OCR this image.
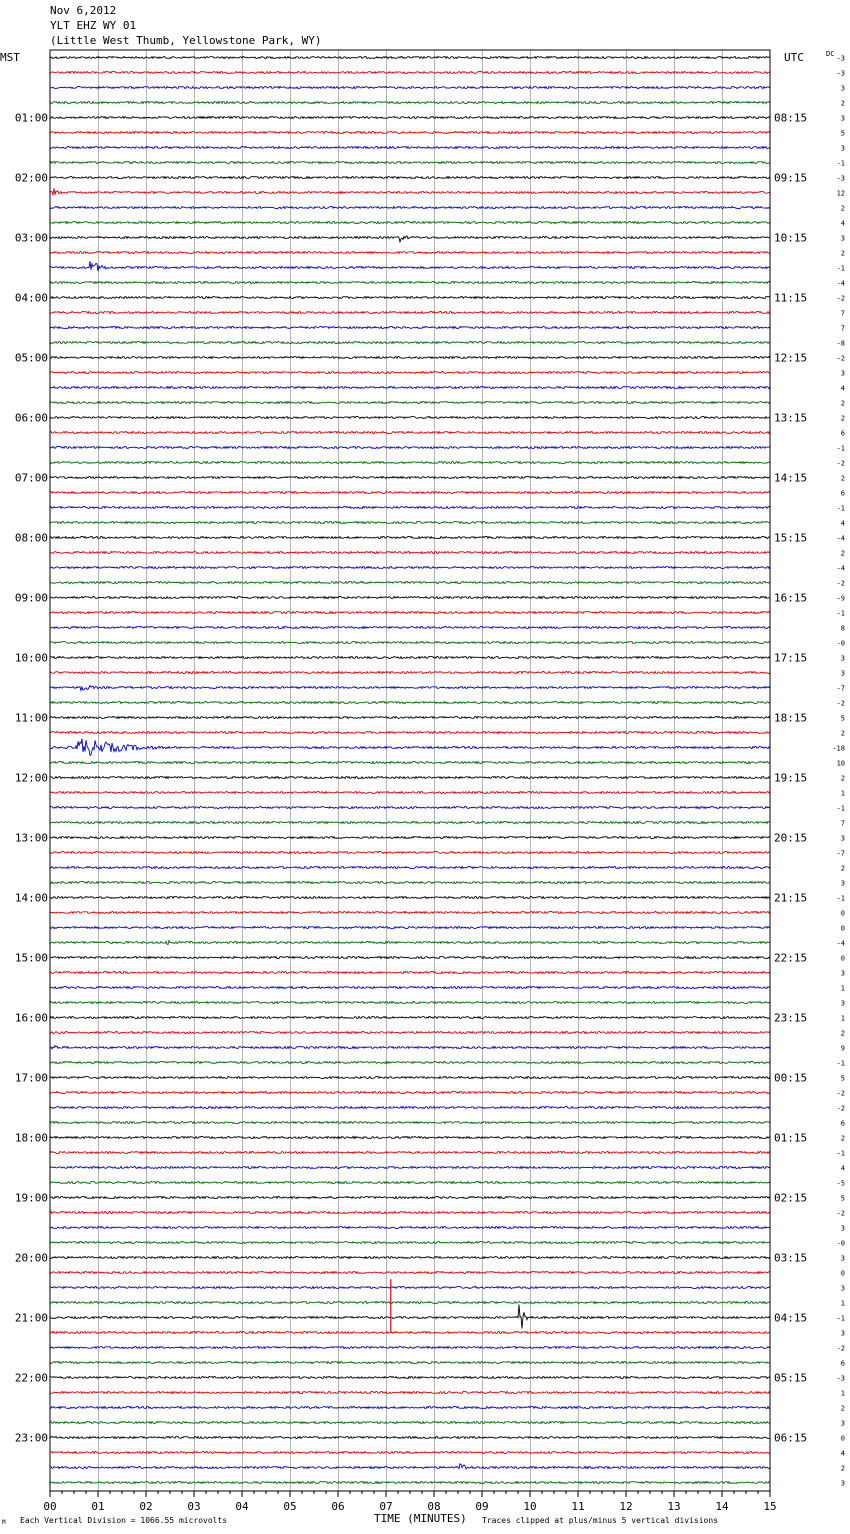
Nov 6,2012
YLT EHZ WY 01
(Little West Thumb, Yellowstone Park, WY)
00	01	02	03	04	05	06	07	08	09	10	11	12	13	14	15
01:00
02:00
03:00
04:00
05:00
06:00
07:00
08:00
09:00
10:00
11:00
12:00
13:00
14:00
15:00
16:00
17:00
18:00
19:00
20:00
21:00
22:00
23:00
08:15
09:15
10:15
11:15
12:15
13:15
14:15
15:15
16:15
17:15
18:15
19:15
20:15
21:15
22:15
23:15
00:15
01:15
02:15
03:15
04:15
05:15
06:15
-3
-3
3
2
3
5
3
-1
-3
12
2
4
3
2
-1
-4
-2
7
7
-8
-2
3
4
2
2
6
-1
-2
2
6
-1
4
-4
2
-4
-2
-9
-1
8
-0
3
3
-7
-2
5
2
-18
10
2
1
-1
7
3
-7
2
3
-1
0
0
-4
0
3
1
3
1
2
9
-1
5
-2
-2
6
2
-1
4
-5
5
-2
3
-0
3
0
3
1
-1
3
-2
6
-3
1
2
3
0
4
2
3
MST	UTC	DC
M Each Vertical Division = 1066.55 microvolts	TIME (MINUTES) Traces clipped at plus/minus 5 vertical divisions
